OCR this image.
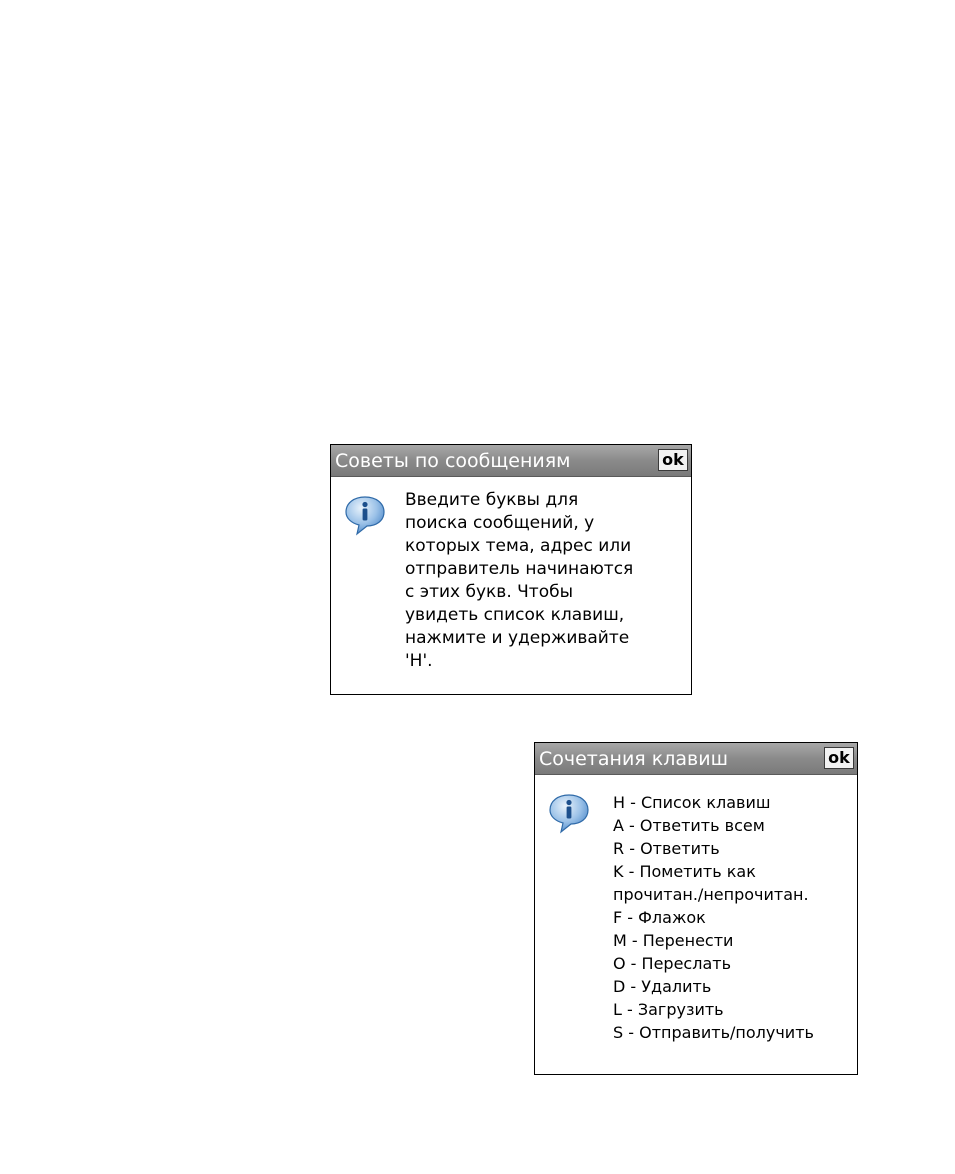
Советы по сообщениям	ok
Введите буквы для
поиска сообщений, у
которых тема, адрес или
отправитель начинаются
с этих букв. Чтобы
увидеть список клавиш,
нажмите и удерживайте
'H'.
Сочетания клавиш	ok
H - Список клавиш
A - Ответить всем
R - Ответить
K - Пометить как
прочитан./непрочитан.
F - Флажок
M - Перенести
O - Переслать
D - Удалить
L - Загрузить
S - Отправить/получить
